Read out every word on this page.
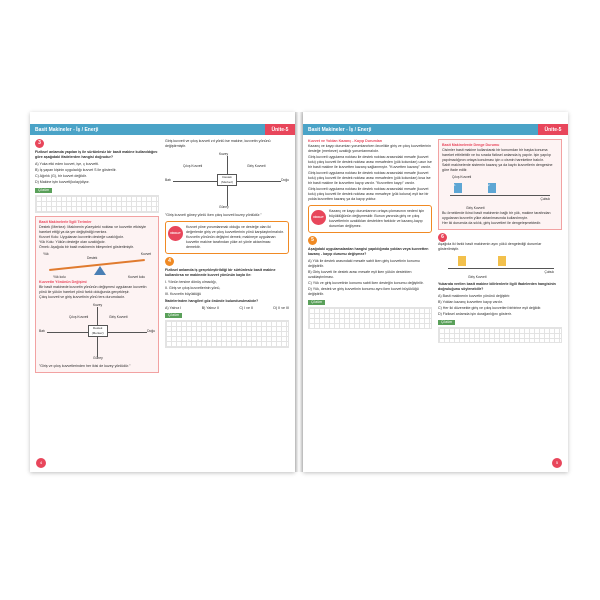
Basit Makineler - İş / Enerji	Ünite-5
3
Fizikse! anlamda yapılan iş ile sürtünlesiz bir basit makine kullanıldığını göre aşağıdaki ifadelerden hangisi doğrudur?
A) Yuka etki eden kuvvet, işe, ç kuvvetti.
B) İş yapan kişinin uyguladığı kuvvet S ile gösterilir.
C) Ağırlık (G), bir kuvvet değildir.
D) Makine iştn kuvvetl(kolay)diyor.
Çözüm
Basit Makinelerle İlgili Terimler
Destek (Merkez): Makinenin yüzeydeki noktası ve kuvvetin etkisiyle hareket ettiği ya da yer değiştirdiği merkez.
Kuvvet Kolu: Uygulanan kuvvetin desteğe uzaklığıdır.
Yük Kolu: Yükün desteğe olan uzaklığıdır.
Örnek: Aşağıda bir basit makinenin bileşenleri gösterilmiştir.
Yük
Destek
Kuvvet
Yük kolu	Kuvvet kolu
Kuvvetin Yönünün Değişimi
Bir basit makinede kuvvetin yönünün değişmesi uygulanan kuvvetin yönü ile yükün hareket yönü farklı olduğunda gerçekleşir.
Çıkış kuvveti ve giriş kuvvetinin yönü ters durumdadır.
Kuzey
Güney
Batı	Doğu
Çıkış Kuvveti	Giriş Kuvveti
Destek (Merkez)
"Giriş ve çıkış kuvvetlerinden her ikisi de kuzey yönlüdür."
Giriş kuvveti ve çıkış kuvveti zıt yönlü ise makine, kuvvetin yönünü değiştirmiştir.
Kuzey
Güney
Batı	Doğu
Çıkış Kuvveti	Giriş Kuvveti
Destek (Merkez)
"Giriş kuvveti güney yönlü iken çıkış kuvveti kuzey yönlüdür."
DİKKAT
Kuvvet yöne yorumlanmalı olduğu ve desteğe olan iki değerlerde giriş ve çıkış kuvvetlerinin yönü karşılaştırılmalıdır.
Kuvvetin yönünün değişimi demek; makineye uygulanan kuvvetin makine tarafından yüke zıt yönle aktarılması demektir.
4
Fiziksel anlamda iş gerçekleştirildiği bir sürtünlesiz basit makine kullanılırsa ne makinede kuvvet yönünün kaybı ile:
I. Yönün tersine dönüş olmadığı,
II. Giriş ve çıkış kuvvetlerinin yönü,
III. Kuvvetin büyüklüğü
İfadelerinden hangileri göz önünde bulundurulmalıdır?
A) Yalnız I	B) Yalnız II	C) I ve II	D) II ve III
Çözüm
4
Basit Makineler - İş / Enerji	Ünite-5
Kuvvet ve Yoldan Kazanç - Kayıp Durumları
Kazanç ve kayıp durumları yorumlanırken öncelikle giriş ve çıkış kuvvetlerinin desteğe (merkeze) uzaklığı yorumlanmalıdır.
Giriş kuvveti uygulama noktası ile destek noktası arasındaki mesafe (kuvvet kolu) çıkış kuvveti ile destek noktası arası mesafeden (yük kolundan) uzun ise bir basit makine ile kuvvetten kazanç sağlanmıştır. "Kuvvetten kazanç" vardır.
Giriş kuvveti uygulama noktası ile destek noktası arasındaki mesafe (kuvvet kolu) çıkış kuvveti ile destek noktası arası mesafeden (yük kolundan) kısa ise bir basit makine ile kuvvetten kayıp vardır. "Kuvvetten kayıp" vardır.
Giriş kuvveti uygulama noktası ile destek noktası arasındaki mesafe (kuvvet kolu) çıkış kuvveti ile destek noktası arası mesafeye (yük koluna) eşit ise bir yolda kuvvetten kazanç ya da kayıp yoktur.
DİKKAT
Kazanç ve kayıp durumlarının ortaya çıkmasının nedeni işin büyüklüğünün değişmesidir. Bunun yanında giriş ve çıkış kuvvetlerinin uzaklıkları destekten farklıdır ve kazanç-kayıp durumları değişmez.
5
Aşağıdaki uygulamalardan hangisi yapıldığında yoldan veya kuvvetten kazanç - kayıp durumu değişmez?
A) Yük ile destek arasındaki mesafe sabit iken giriş kuvvetinin konumu değiştirilir.
B) Giriş kuvveti ile destek arası mesafe eşit iken yükün destekten uzaklaştırılması.
C) Yük ve giriş kuvvetinin konumu sabit iken desteğin konumu değiştirilir.
D) Yük, destek ve giriş kuvvetinin konumu aynı iken kuvvet büyüklüğü değiştirilir.
Çözüm
Basit Makinelerde Denge Durumu
Cisimler basit makine kullanılarak bir konumdan bir başka konuma hareket ettirilebilir ve bu sırada fiziksel anlamda iş yapılır. İşin yapılıp yapılmadığının ortaya konulması için o cismin hareketine bakılır.
Sabit makinelerde sistemin kazanç ya da kaybı kuvvetlerin dengesine göre ifade edilir.
Çıkış Kuvveti
1	2
Çubuk
Giriş Kuvveti
Bu örneklerde ikinci basit makinenin bağlı bir yük, makine tarafından uygulanan kuvvetin yüke aktarılmasında kullanılmıştır.
Her iki durumda da sıklık, giriş kuvvetleri ile dengeleşmektedir.
6
Aşağıda iki farklı basit makinenin aynı yükü dengelediği durumlar gösterilmiştir.
Çubuk
Giriş Kuvveti
Yukarıda verilen basit makine bilirlenlerle ilgili ifadelerden hangisinin doğruluğunu söylenebilir?
A) Basit makinenin kuvvetin yönünü değiştirir.
B) Yoldan kazanç kuvvetten kayıp vardır.
C) Her iki düzenekte giriş ve çıkış kuvvetleri birbirine eşit değildir.
D) Fiziksel anlamda işin durağanlığını gösterir.
Çözüm
5
